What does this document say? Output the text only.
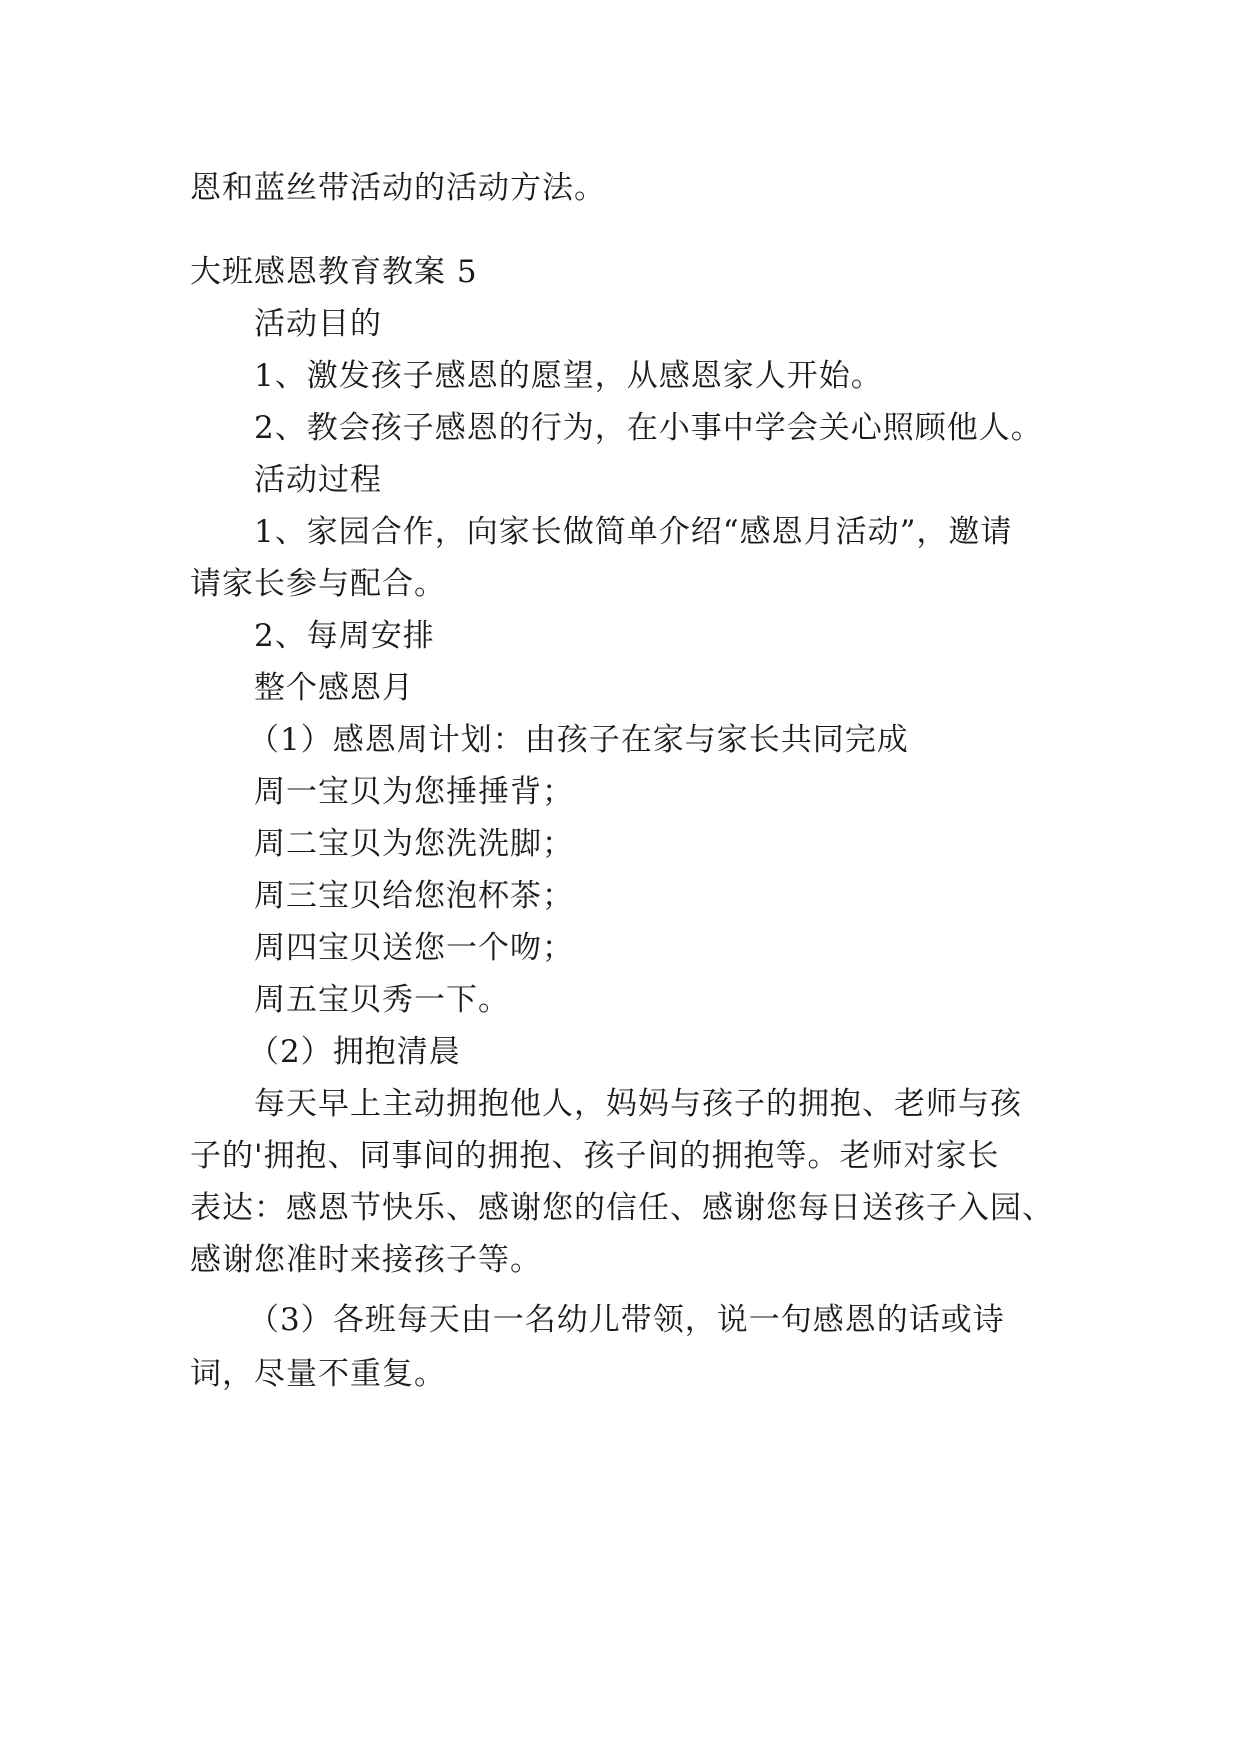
恩和蓝丝带活动的活动方法。

大班感恩教育教案 5

活动目的

1、激发孩子感恩的愿望，从感恩家人开始。

2、教会孩子感恩的行为，在小事中学会关心照顾他人。

活动过程

1、家园合作，向家长做简单介绍“感恩月活动”，邀请

请家长参与配合。

2、每周安排

整个感恩月

（1）感恩周计划：由孩子在家与家长共同完成

周一宝贝为您捶捶背；

周二宝贝为您洗洗脚；

周三宝贝给您泡杯茶；

周四宝贝送您一个吻；

周五宝贝秀一下。

（2）拥抱清晨

每天早上主动拥抱他人，妈妈与孩子的拥抱、老师与孩

子的'拥抱、同事间的拥抱、孩子间的拥抱等。老师对家长

表达：感恩节快乐、感谢您的信任、感谢您每日送孩子入园、

感谢您准时来接孩子等。

（3）各班每天由一名幼儿带领，说一句感恩的话或诗

词，尽量不重复。
